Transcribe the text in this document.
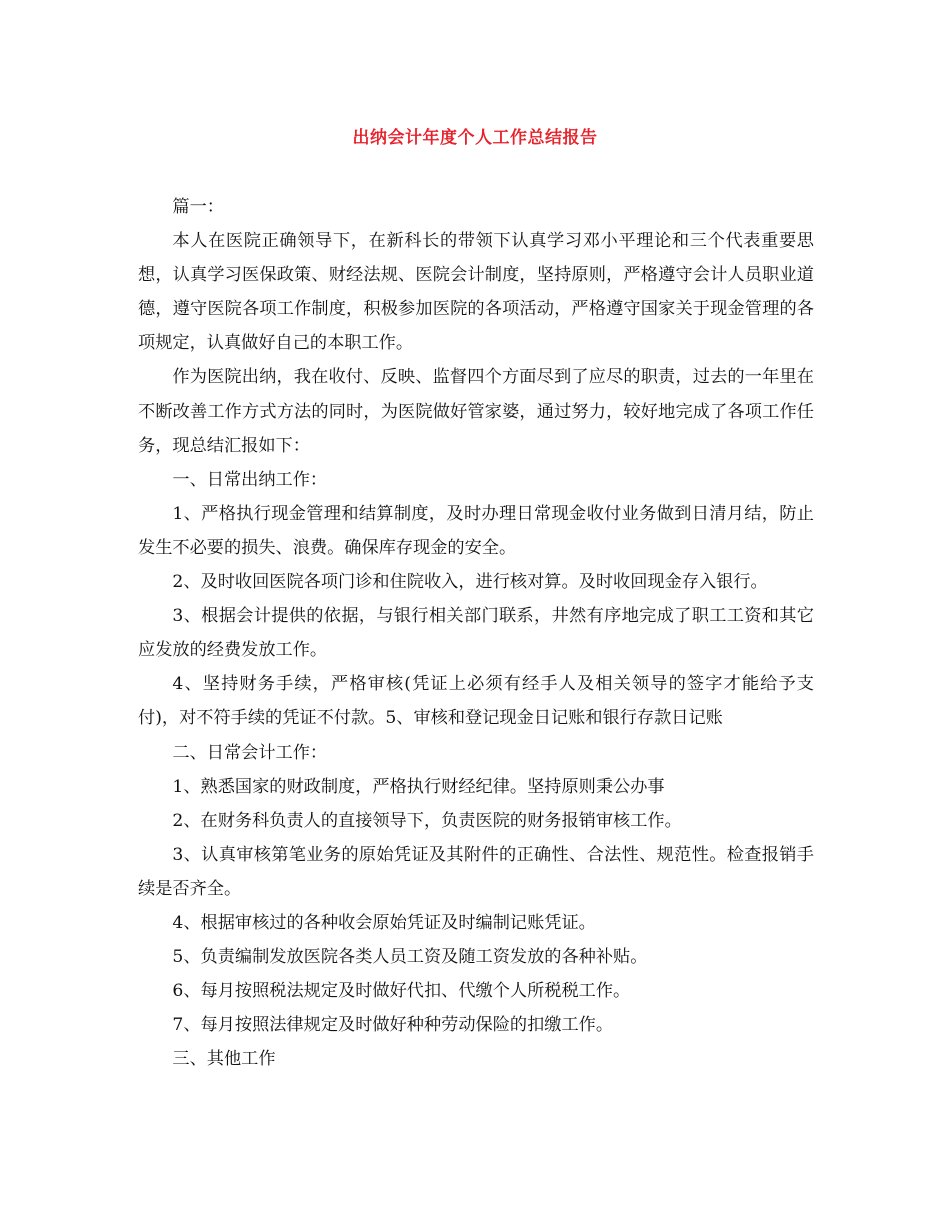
出纳会计年度个人工作总结报告

篇一：

本人在医院正确领导下，在新科长的带领下认真学习邓小平理论和三个代表重要思想，认真学习医保政策、财经法规、医院会计制度，坚持原则，严格遵守会计人员职业道德，遵守医院各项工作制度，积极参加医院的各项活动，严格遵守国家关于现金管理的各项规定，认真做好自己的本职工作。

作为医院出纳，我在收付、反映、监督四个方面尽到了应尽的职责，过去的一年里在不断改善工作方式方法的同时，为医院做好管家婆，通过努力，较好地完成了各项工作任务，现总结汇报如下：

一、日常出纳工作：

1、严格执行现金管理和结算制度，及时办理日常现金收付业务做到日清月结，防止发生不必要的损失、浪费。确保库存现金的安全。

2、及时收回医院各项门诊和住院收入，进行核对算。及时收回现金存入银行。

3、根据会计提供的依据，与银行相关部门联系，井然有序地完成了职工工资和其它应发放的经费发放工作。

4、坚持财务手续，严格审核(凭证上必须有经手人及相关领导的签字才能给予支付)，对不符手续的凭证不付款。5、审核和登记现金日记账和银行存款日记账

二、日常会计工作：

1、熟悉国家的财政制度，严格执行财经纪律。坚持原则秉公办事

2、在财务科负责人的直接领导下，负责医院的财务报销审核工作。

3、认真审核第笔业务的原始凭证及其附件的正确性、合法性、规范性。检查报销手续是否齐全。

4、根据审核过的各种收会原始凭证及时编制记账凭证。

5、负责编制发放医院各类人员工资及随工资发放的各种补贴。

6、每月按照税法规定及时做好代扣、代缴个人所税税工作。

7、每月按照法律规定及时做好种种劳动保险的扣缴工作。

三、其他工作
